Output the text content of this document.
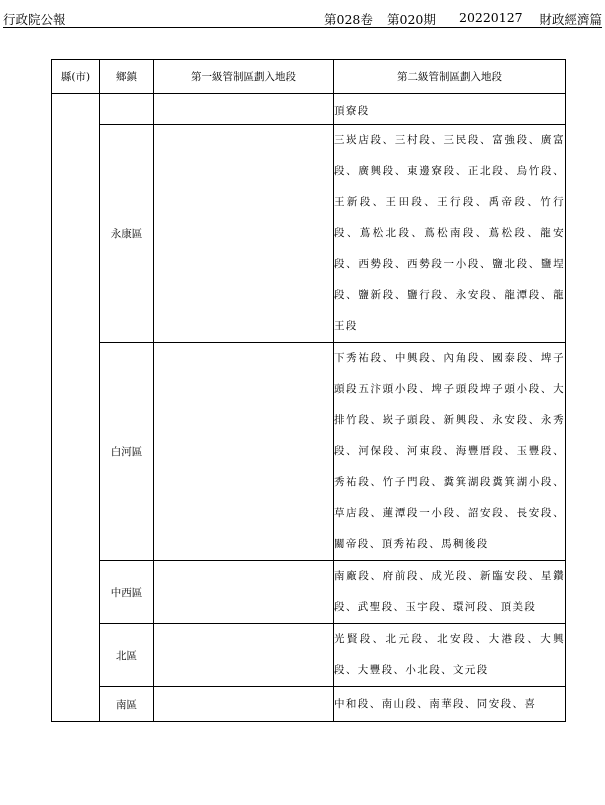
行政院公報	第028卷 第020期 20220127 財政經濟篇
縣(市)	鄉鎮	第一級管制區劃入地段	第二級管制區劃入地段
			頂寮段
	永康區		三崁店段、三村段、三民段、富強段、廣富段、廣興段、東邊寮段、正北段、烏竹段、王新段、王田段、王行段、禹帝段、竹行段、蔦松北段、蔦松南段、蔦松段、龍安段、西勢段、西勢段一小段、鹽北段、鹽埕段、鹽新段、鹽行段、永安段、龍潭段、龍王段
	白河區		下秀祐段、中興段、內角段、國泰段、埤子頭段五汴頭小段、埤子頭段埤子頭小段、大排竹段、崁子頭段、新興段、永安段、永秀段、河保段、河東段、海豐厝段、玉豐段、秀祐段、竹子門段、糞箕湖段糞箕湖小段、草店段、蓮潭段一小段、詔安段、長安段、關帝段、頂秀祐段、馬稠後段
	中西區		南廠段、府前段、成光段、新臨安段、星鑽段、武聖段、玉宇段、環河段、頂美段
	北區		光賢段、北元段、北安段、大港段、大興段、大豐段、小北段、文元段
	南區		中和段、南山段、南華段、同安段、喜
